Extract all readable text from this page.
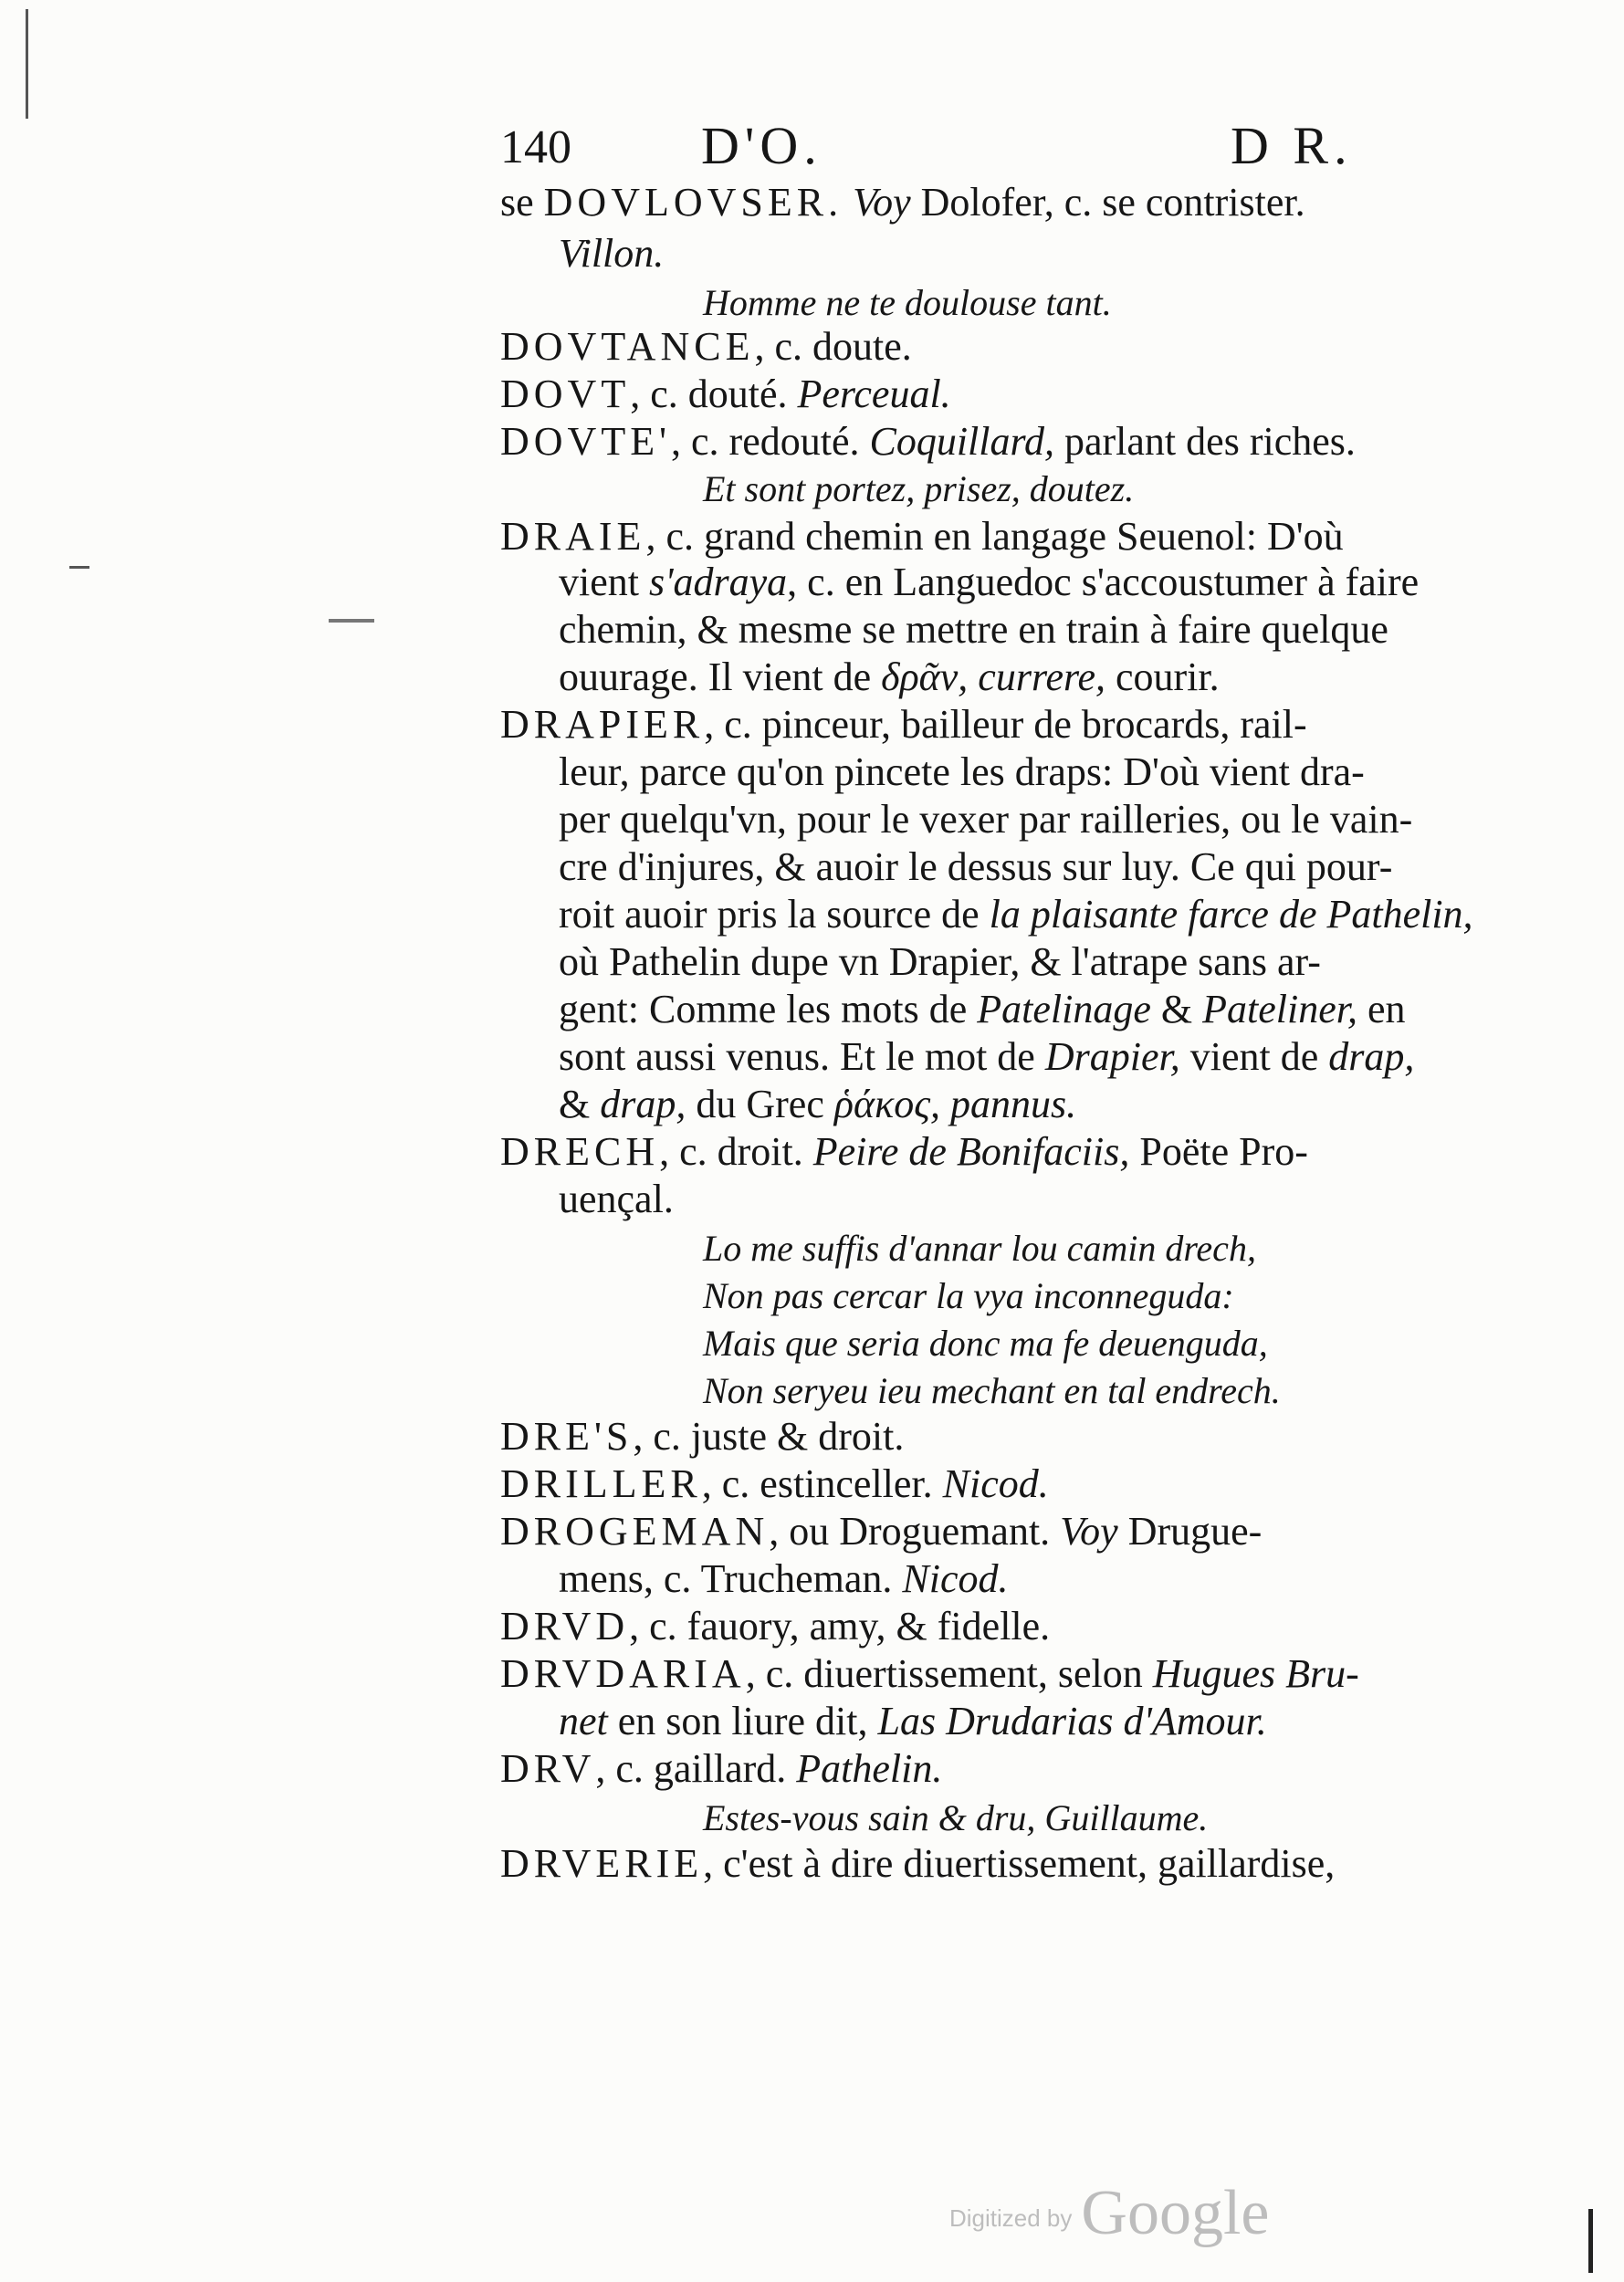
140 D'O.	D R.
se DOVLOVSER. Voy Dolofer, c. se contrister.
Villon.
Homme ne te doulouse tant.
DOVTANCE, c. doute.
DOVT, c. douté. Perceual.
DOVTE', c. redouté. Coquillard, parlant des riches.
Et sont portez, prisez, doutez.
DRAIE, c. grand chemin en langage Seuenol: D'où
vient s'adraya, c. en Languedoc s'accoustumer à faire
chemin, & mesme se mettre en train à faire quelque
ouurage. Il vient de δρᾶν, currere, courir.
DRAPIER, c. pinceur, bailleur de brocards, rail-
leur, parce qu'on pincete les draps: D'où vient dra-
per quelqu'vn, pour le vexer par railleries, ou le vain-
cre d'injures, & auoir le dessus sur luy. Ce qui pour-
roit auoir pris la source de la plaisante farce de Pathelin,
où Pathelin dupe vn Drapier, & l'atrape sans ar-
gent: Comme les mots de Patelinage & Pateliner, en
sont aussi venus. Et le mot de Drapier, vient de drap,
& drap, du Grec ῥάκος, pannus.
DRECH, c. droit. Peire de Bonifaciis, Poëte Pro-
uençal.
Lo me suffis d'annar lou camin drech,
Non pas cercar la vya inconneguda:
Mais que seria donc ma fe deuenguda,
Non seryeu ieu mechant en tal endrech.
DRE'S, c. juste & droit.
DRILLER, c. estinceller. Nicod.
DROGEMAN, ou Droguemant. Voy Drugue-
mens, c. Trucheman. Nicod.
DRVD, c. fauory, amy, & fidelle.
DRVDARIA, c. diuertissement, selon Hugues Bru-
net en son liure dit, Las Drudarias d'Amour.
DRV, c. gaillard. Pathelin.
Estes-vous sain & dru, Guillaume.
DRVERIE, c'est à dire diuertissement, gaillardise,
Digitized by Google
